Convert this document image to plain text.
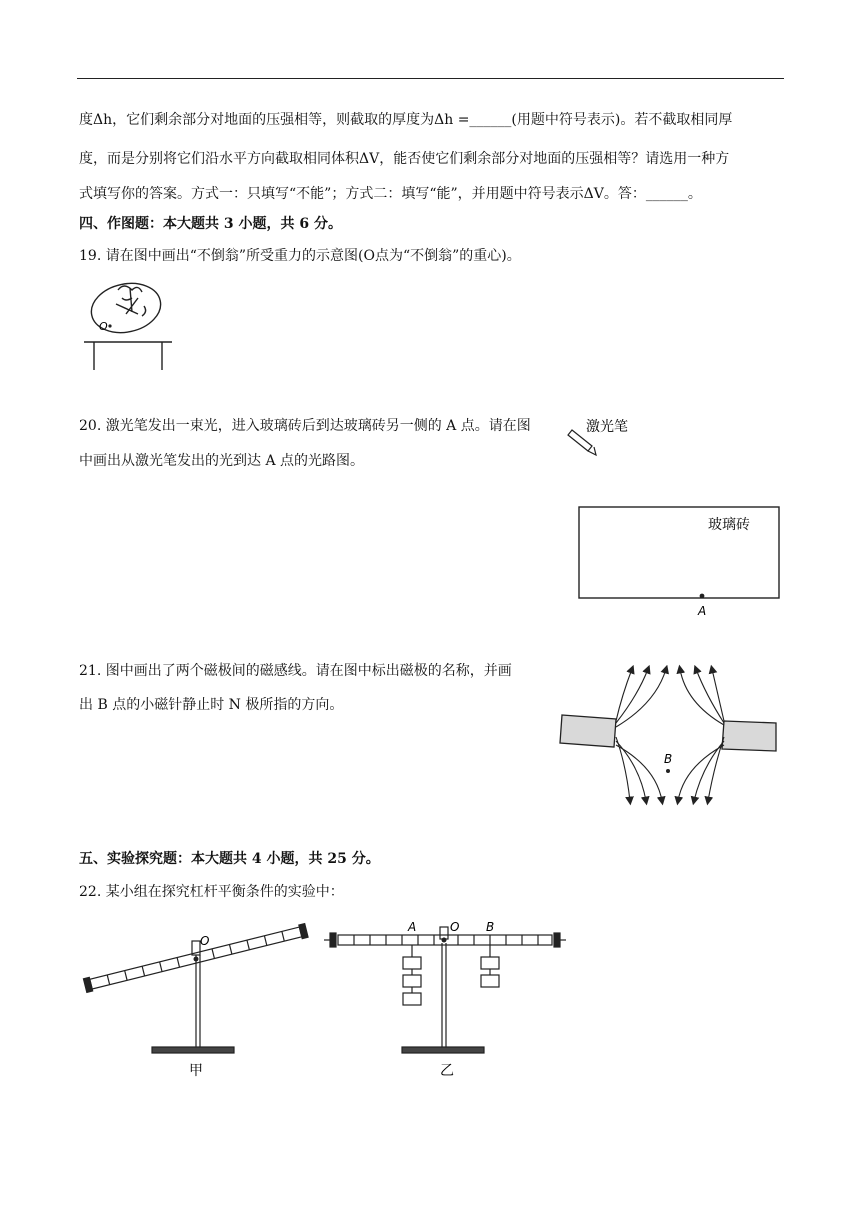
度Δh，它们剩余部分对地面的压强相等，则截取的厚度为Δh =______(用题中符号表示)。若不截取相同厚
度，而是分别将它们沿水平方向截取相同体积ΔV，能否使它们剩余部分对地面的压强相等？请选用一种方
式填写你的答案。方式一：只填写“不能”；方式二：填写“能”，并用题中符号表示ΔV。答：______。
四、作图题：本大题共 3 小题，共 6 分。
19. 请在图中画出“不倒翁”所受重力的示意图(O点为“不倒翁”的重心)。
O
20. 激光笔发出一束光，进入玻璃砖后到达玻璃砖另一侧的 A 点。请在图
中画出从激光笔发出的光到达 A 点的光路图。
激光笔
玻璃砖
A
21. 图中画出了两个磁极间的磁感线。请在图中标出磁极的名称，并画
出 B 点的小磁针静止时 N 极所指的方向。
B
五、实验探究题：本大题共 4 小题，共 25 分。
22. 某小组在探究杠杆平衡条件的实验中：
O
甲
A	O B
乙
